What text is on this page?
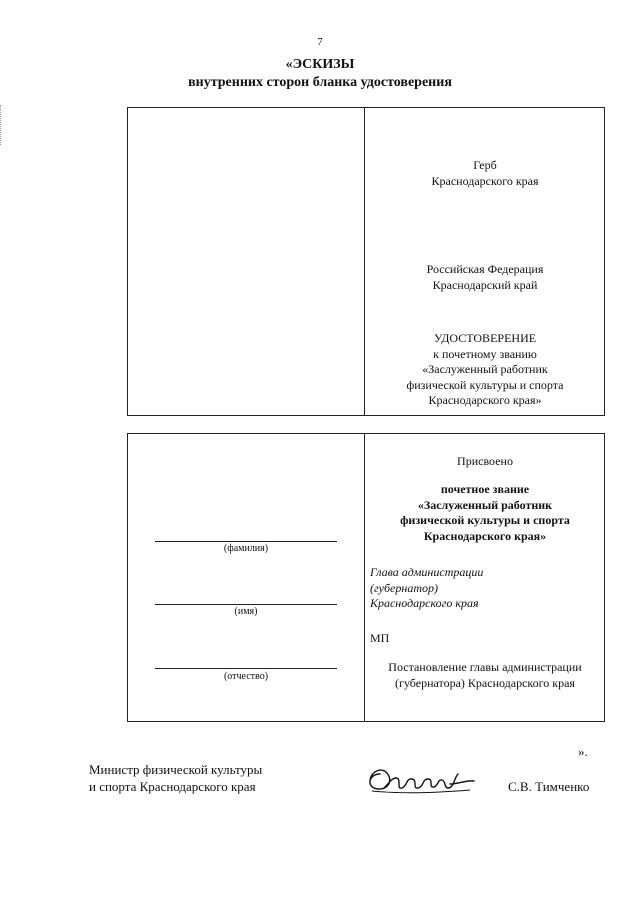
7
«ЭСКИЗЫ
внутренних сторон бланка удостоверения
Герб
Краснодарского края
Российская Федерация
Краснодарский край
УДОСТОВЕРЕНИЕ
к почетному званию
«Заслуженный работник
физической культуры и спорта
Краснодарского края»
Присвоено
почетное звание
«Заслуженный работник
физической культуры и спорта
Краснодарского края»
Глава администрации
(губернатор)
Краснодарского края
МП
Постановление главы администрации
(губернатора) Краснодарского края
(фамилия)
(имя)
(отчество)
».
Министр физической культуры
и спорта Краснодарского края	С.В. Тимченко
